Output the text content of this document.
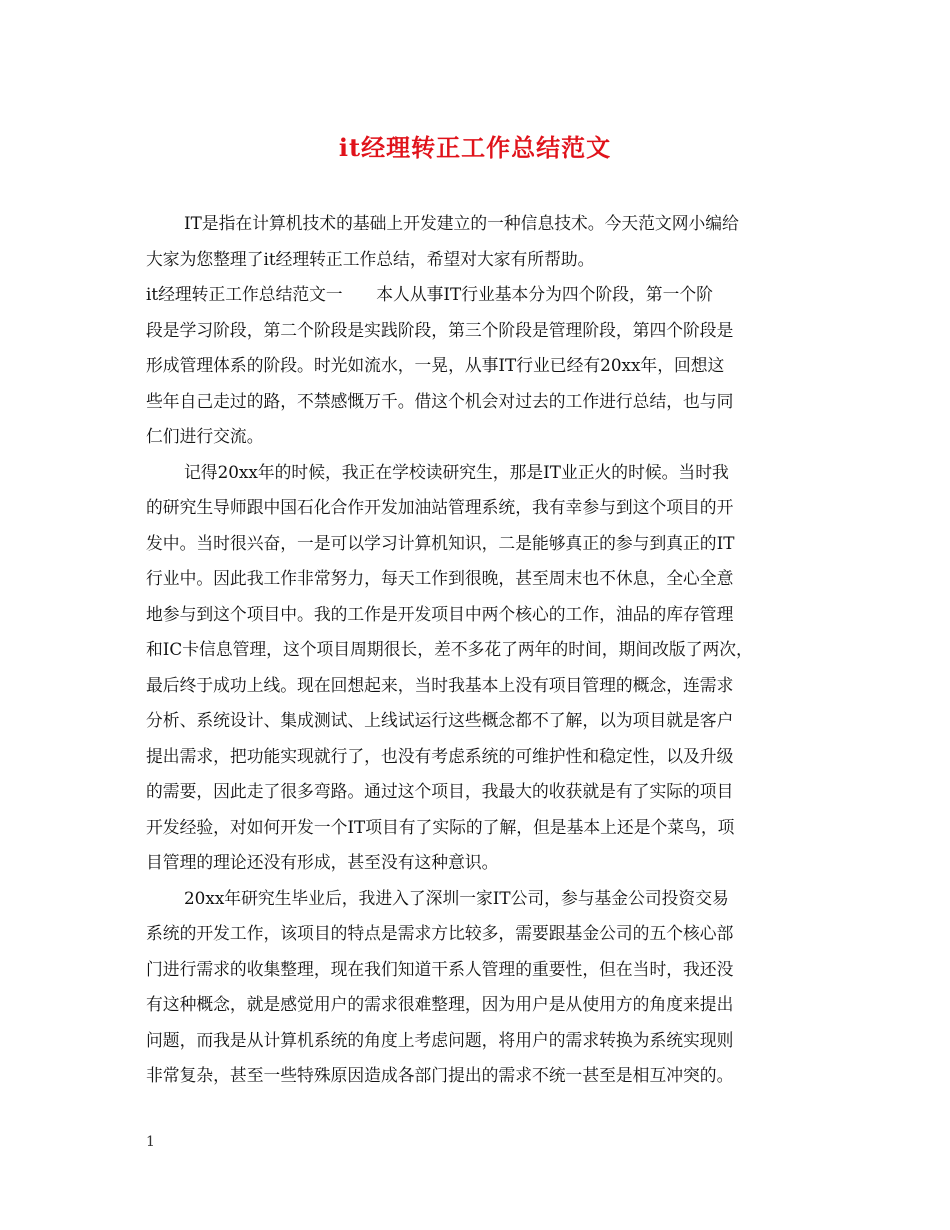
it经理转正工作总结范文
IT是指在计算机技术的基础上开发建立的一种信息技术。今天范文网小编给
大家为您整理了it经理转正工作总结，希望对大家有所帮助。
it经理转正工作总结范文一　　本人从事IT行业基本分为四个阶段，第一个阶
段是学习阶段，第二个阶段是实践阶段，第三个阶段是管理阶段，第四个阶段是
形成管理体系的阶段。时光如流水，一晃，从事IT行业已经有20xx年，回想这
些年自己走过的路，不禁感慨万千。借这个机会对过去的工作进行总结，也与同
仁们进行交流。
记得20xx年的时候，我正在学校读研究生，那是IT业正火的时候。当时我
的研究生导师跟中国石化合作开发加油站管理系统，我有幸参与到这个项目的开
发中。当时很兴奋，一是可以学习计算机知识，二是能够真正的参与到真正的IT
行业中。因此我工作非常努力，每天工作到很晚，甚至周末也不休息，全心全意
地参与到这个项目中。我的工作是开发项目中两个核心的工作，油品的库存管理
和IC卡信息管理，这个项目周期很长，差不多花了两年的时间，期间改版了两次，
最后终于成功上线。现在回想起来，当时我基本上没有项目管理的概念，连需求
分析、系统设计、集成测试、上线试运行这些概念都不了解，以为项目就是客户
提出需求，把功能实现就行了，也没有考虑系统的可维护性和稳定性，以及升级
的需要，因此走了很多弯路。通过这个项目，我最大的收获就是有了实际的项目
开发经验，对如何开发一个IT项目有了实际的了解，但是基本上还是个菜鸟，项
目管理的理论还没有形成，甚至没有这种意识。
20xx年研究生毕业后，我进入了深圳一家IT公司，参与基金公司投资交易
系统的开发工作，该项目的特点是需求方比较多，需要跟基金公司的五个核心部
门进行需求的收集整理，现在我们知道干系人管理的重要性，但在当时，我还没
有这种概念，就是感觉用户的需求很难整理，因为用户是从使用方的角度来提出
问题，而我是从计算机系统的角度上考虑问题，将用户的需求转换为系统实现则
非常复杂，甚至一些特殊原因造成各部门提出的需求不统一甚至是相互冲突的。
1
